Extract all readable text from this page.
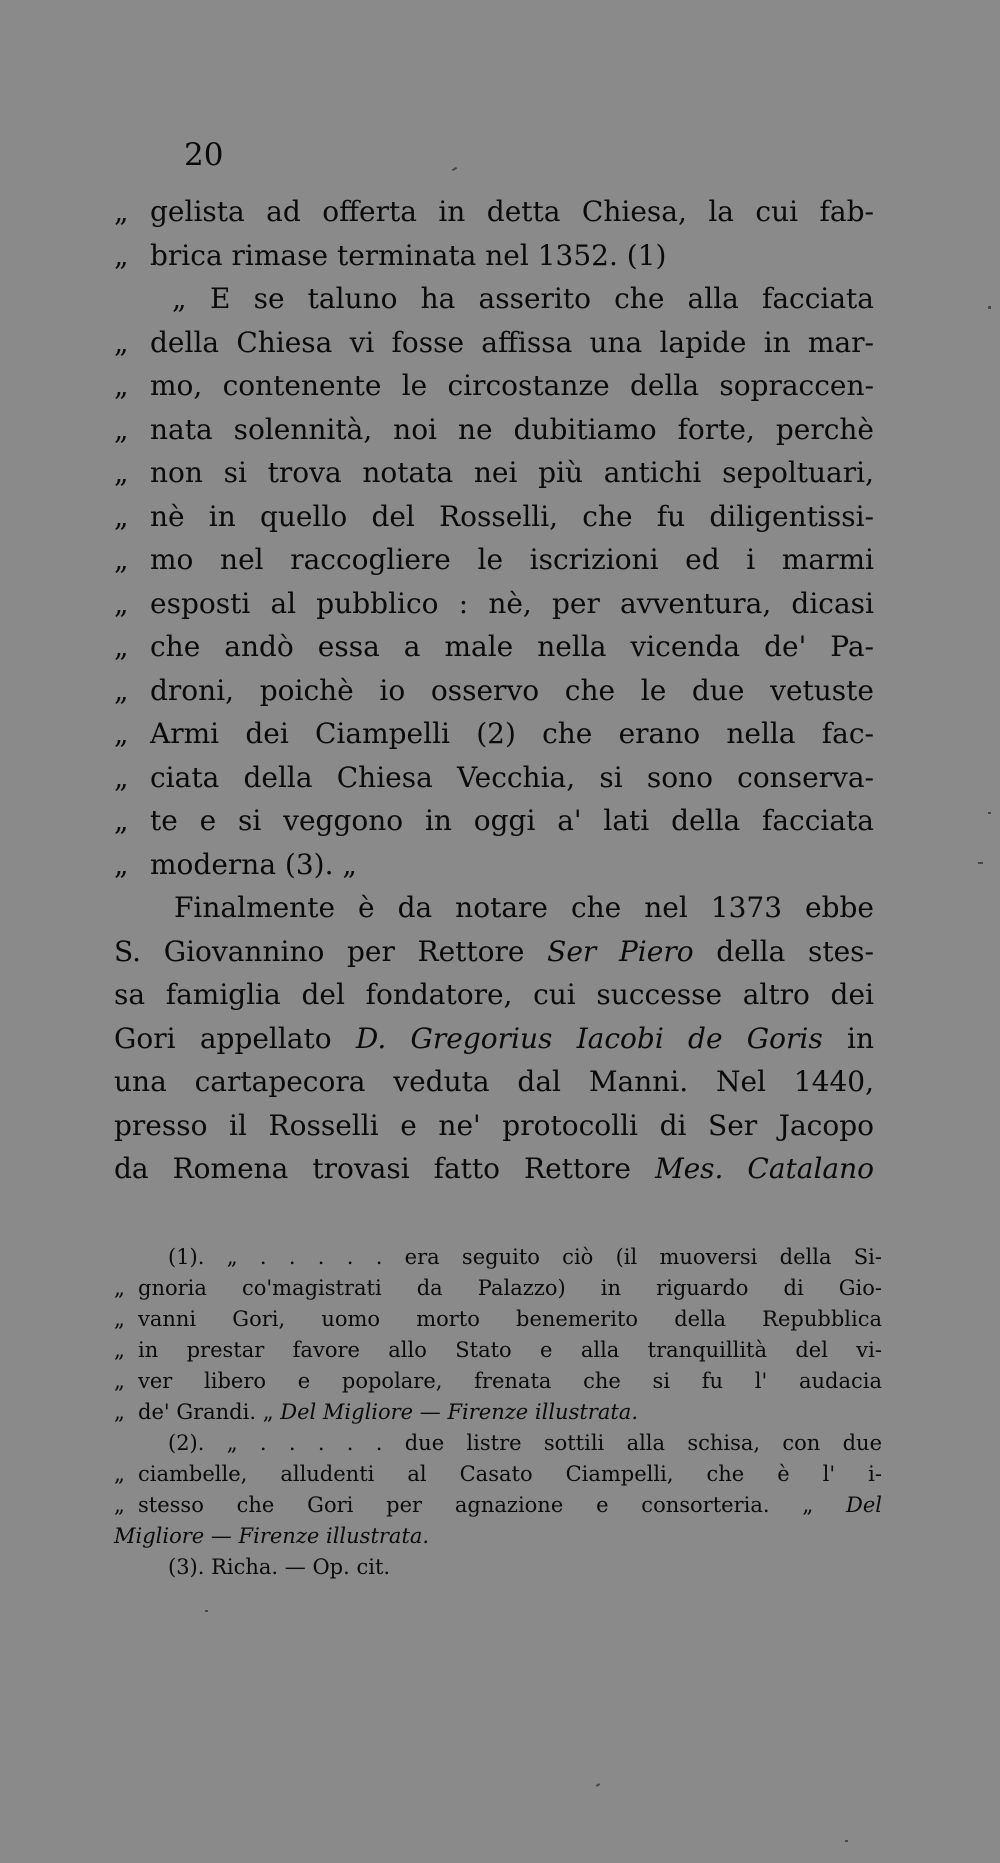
20
„ gelista ad offerta in detta Chiesa, la cui fab-
„ brica rimase terminata nel 1352. (1)
„ E se taluno ha asserito che alla facciata
„ della Chiesa vi fosse affissa una lapide in mar-
„ mo, contenente le circostanze della sopraccen-
„ nata solennità, noi ne dubitiamo forte, perchè
„ non si trova notata nei più antichi sepoltuari,
„ nè in quello del Rosselli, che fu diligentissi-
„ mo nel raccogliere le iscrizioni ed i marmi
„ esposti al pubblico : nè, per avventura, dicasi
„ che andò essa a male nella vicenda de' Pa-
„ droni, poichè io osservo che le due vetuste
„ Armi dei Ciampelli (2) che erano nella fac-
„ ciata della Chiesa Vecchia, si sono conserva-
„ te e si veggono in oggi a' lati della facciata
„ moderna (3). „
Finalmente è da notare che nel 1373 ebbe
S. Giovannino per Rettore Ser Piero della stes-
sa famiglia del fondatore, cui successe altro dei
Gori appellato D. Gregorius Iacobi de Goris in
una cartapecora veduta dal Manni. Nel 1440,
presso il Rosselli e ne' protocolli di Ser Jacopo
da Romena trovasi fatto Rettore Mes. Catalano
(1). „ . . . . . era seguito ciò (il muoversi della Si-
„ gnoria co'magistrati da Palazzo) in riguardo di Gio-
„ vanni Gori, uomo morto benemerito della Repubblica
„ in prestar favore allo Stato e alla tranquillità del vi-
„ ver libero e popolare, frenata che si fu l' audacia
„ de' Grandi. „ Del Migliore — Firenze illustrata.
(2). „ . . . . . due listre sottili alla schisa, con due
„ ciambelle, alludenti al Casato Ciampelli, che è l' i-
„ stesso che Gori per agnazione e consorteria. „ Del
Migliore — Firenze illustrata.
(3). Richa. — Op. cit.
